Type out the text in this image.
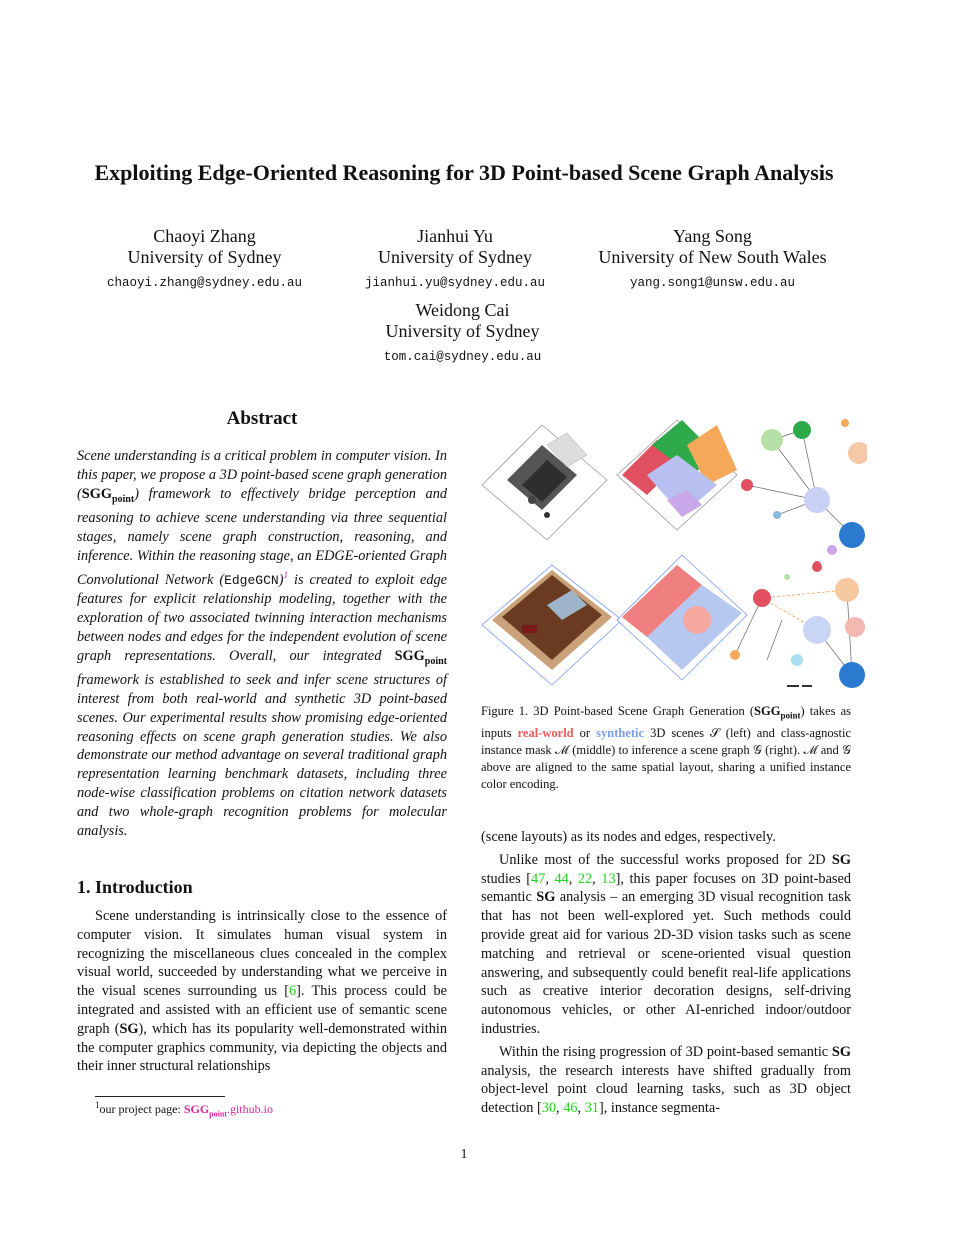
Exploiting Edge-Oriented Reasoning for 3D Point-based Scene Graph Analysis
Chaoyi Zhang
University of Sydney
chaoyi.zhang@sydney.edu.au
Jianhui Yu
University of Sydney
jianhui.yu@sydney.edu.au
Yang Song
University of New South Wales
yang.song1@unsw.edu.au
Weidong Cai
University of Sydney
tom.cai@sydney.edu.au
Abstract
Scene understanding is a critical problem in computer vision. In this paper, we propose a 3D point-based scene graph generation $(SGG_{point})$ framework to effectively bridge perception and reasoning to achieve scene understanding via three sequential stages, namely scene graph construction, reasoning, and inference. Within the reasoning stage, an EDGE-oriented Graph Convolutional Network (EdgeGCN)$^1$ is created to exploit edge features for explicit relationship modeling, together with the exploration of two associated twinning interaction mechanisms between nodes and edges for the independent evolution of scene graph representations. Overall, our integrated $SGG_{point}$ framework is established to seek and infer scene structures of interest from both real-world and synthetic 3D point-based scenes. Our experimental results show promising edge-oriented reasoning effects on scene graph generation studies. We also demonstrate our method advantage on several traditional graph representation learning benchmark datasets, including three node-wise classification problems on citation network datasets and two whole-graph recognition problems for molecular analysis.
1. Introduction

Scene understanding is intrinsically close to the essence of computer vision. It simulates human visual system in recognizing the miscellaneous clues concealed in the complex visual world, succeeded by understanding what we perceive in the visual scenes surrounding us [6]. This process could be integrated and assisted with an efficient use of semantic scene graph (SG), which has its popularity well-demonstrated within the computer graphics community, via depicting the objects and their inner structural relationships

Figure 1. 3D Point-based Scene Graph Generation $(SGG_{point})$ takes as inputs real-world or synthetic 3D scenes 𝒮 (left) and class-agnostic instance mask ℳ (middle) to inference a scene graph 𝒢 (right). ℳ and 𝒢 above are aligned to the same spatial layout, sharing a unified instance color encoding.

(scene layouts) as its nodes and edges, respectively.

Unlike most of the successful works proposed for 2D SG studies [47, 44, 22, 13], this paper focuses on 3D point-based semantic SG analysis – an emerging 3D visual recognition task that has not been well-explored yet. Such methods could provide great aid for various 2D-3D vision tasks such as scene matching and retrieval or scene-oriented visual question answering, and subsequently could benefit real-life applications such as creative interior decoration designs, self-driving autonomous vehicles, or other AI-enriched indoor/outdoor industries.

Within the rising progression of 3D point-based semantic SG analysis, the research interests have shifted gradually from object-level point cloud learning tasks, such as 3D object detection [30, 46, 31], instance segmenta-

$^1$our project page: $SGG_{point}.github.io$
1
